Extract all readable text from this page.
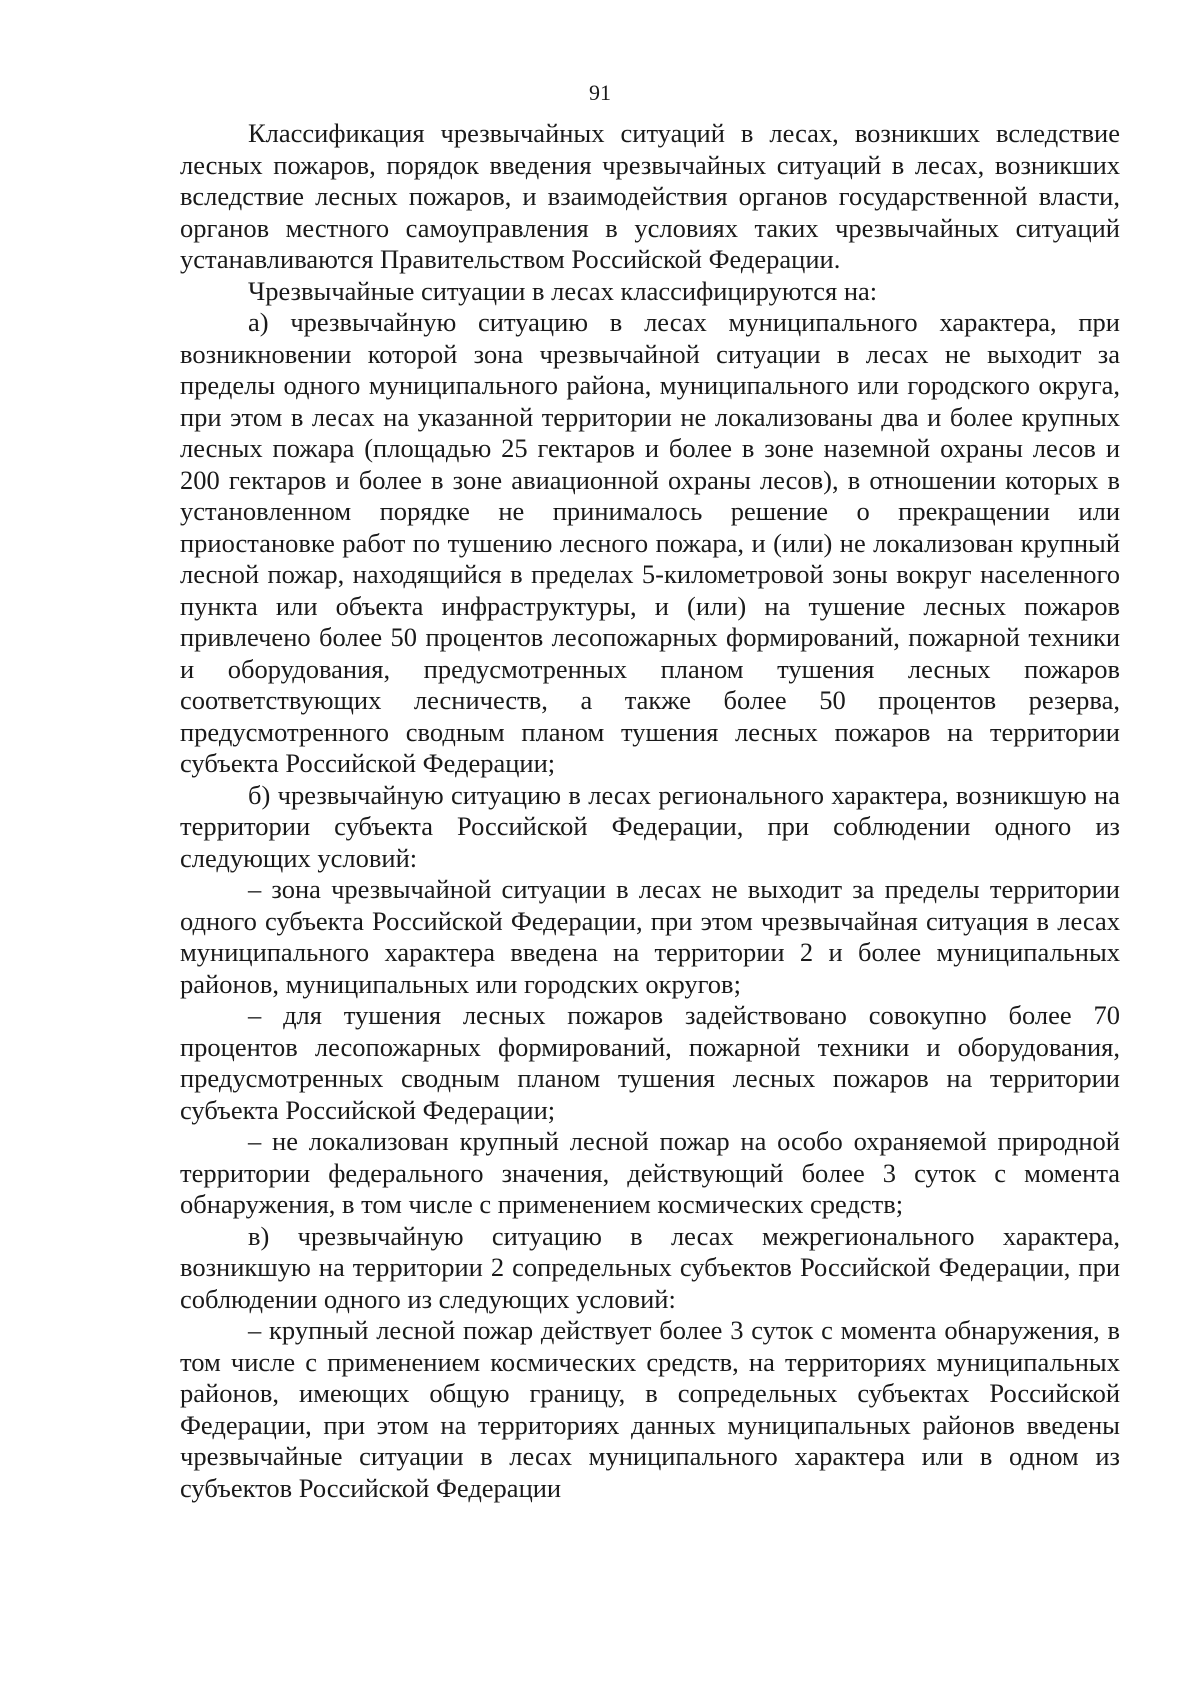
91

Классификация чрезвычайных ситуаций в лесах, возникших вследствие лесных пожаров, порядок введения чрезвычайных ситуаций в лесах, возникших вследствие лесных пожаров, и взаимодействия органов государственной власти, органов местного самоуправления в условиях таких чрезвычайных ситуаций устанавливаются Правительством Российской Федерации.

Чрезвычайные ситуации в лесах классифицируются на:

а) чрезвычайную ситуацию в лесах муниципального характера, при возникновении которой зона чрезвычайной ситуации в лесах не выходит за пределы одного муниципального района, муниципального или городского округа, при этом в лесах на указанной территории не локализованы два и более крупных лесных пожара (площадью 25 гектаров и более в зоне наземной охраны лесов и 200 гектаров и более в зоне авиационной охраны лесов), в отношении которых в установленном порядке не принималось решение о прекращении или приостановке работ по тушению лесного пожара, и (или) не локализован крупный лесной пожар, находящийся в пределах 5-километровой зоны вокруг населенного пункта или объекта инфраструктуры, и (или) на тушение лесных пожаров привлечено более 50 процентов лесопожарных формирований, пожарной техники и оборудования, предусмотренных планом тушения лесных пожаров соответствующих лесничеств, а также более 50 процентов резерва, предусмотренного сводным планом тушения лесных пожаров на территории субъекта Российской Федерации;

б) чрезвычайную ситуацию в лесах регионального характера, возникшую на территории субъекта Российской Федерации, при соблюдении одного из следующих условий:

– зона чрезвычайной ситуации в лесах не выходит за пределы территории одного субъекта Российской Федерации, при этом чрезвычайная ситуация в лесах муниципального характера введена на территории 2 и более муниципальных районов, муниципальных или городских округов;

– для тушения лесных пожаров задействовано совокупно более 70 процентов лесопожарных формирований, пожарной техники и оборудования, предусмотренных сводным планом тушения лесных пожаров на территории субъекта Российской Федерации;

– не локализован крупный лесной пожар на особо охраняемой природной территории федерального значения, действующий более 3 суток с момента обнаружения, в том числе с применением космических средств;

в) чрезвычайную ситуацию в лесах межрегионального характера, возникшую на территории 2 сопредельных субъектов Российской Федерации, при соблюдении одного из следующих условий:

– крупный лесной пожар действует более 3 суток с момента обнаружения, в том числе с применением космических средств, на территориях муниципальных районов, имеющих общую границу, в сопредельных субъектах Российской Федерации, при этом на территориях данных муниципальных районов введены чрезвычайные ситуации в лесах муниципального характера или в одном из субъектов Российской Федерации
